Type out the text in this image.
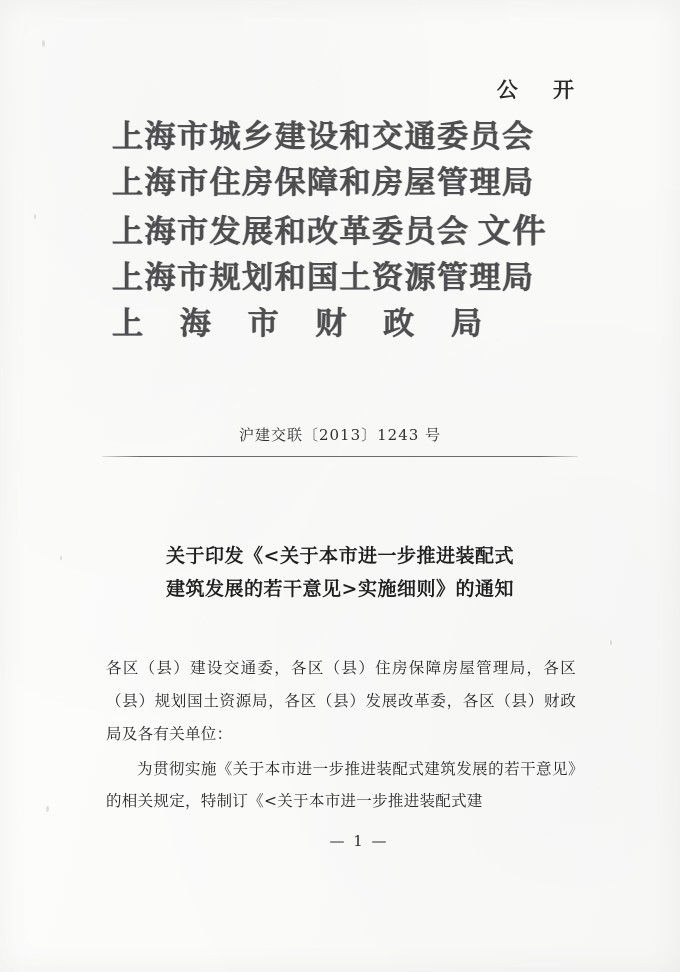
公 开
上海市城乡建设和交通委员会
上海市住房保障和房屋管理局
上海市发展和改革委员会 文件
上海市规划和国土资源管理局
上 海 市 财 政 局
沪建交联〔2013〕1243 号
关于印发《<关于本市进一步推进装配式
建筑发展的若干意见>实施细则》的通知

各区（县）建设交通委，各区（县）住房保障房屋管理局，各区（县）规划国土资源局，各区（县）发展改革委，各区（县）财政局及各有关单位：

为贯彻实施《关于本市进一步推进装配式建筑发展的若干意见》的相关规定，特制订《<关于本市进一步推进装配式建

— 1 —
